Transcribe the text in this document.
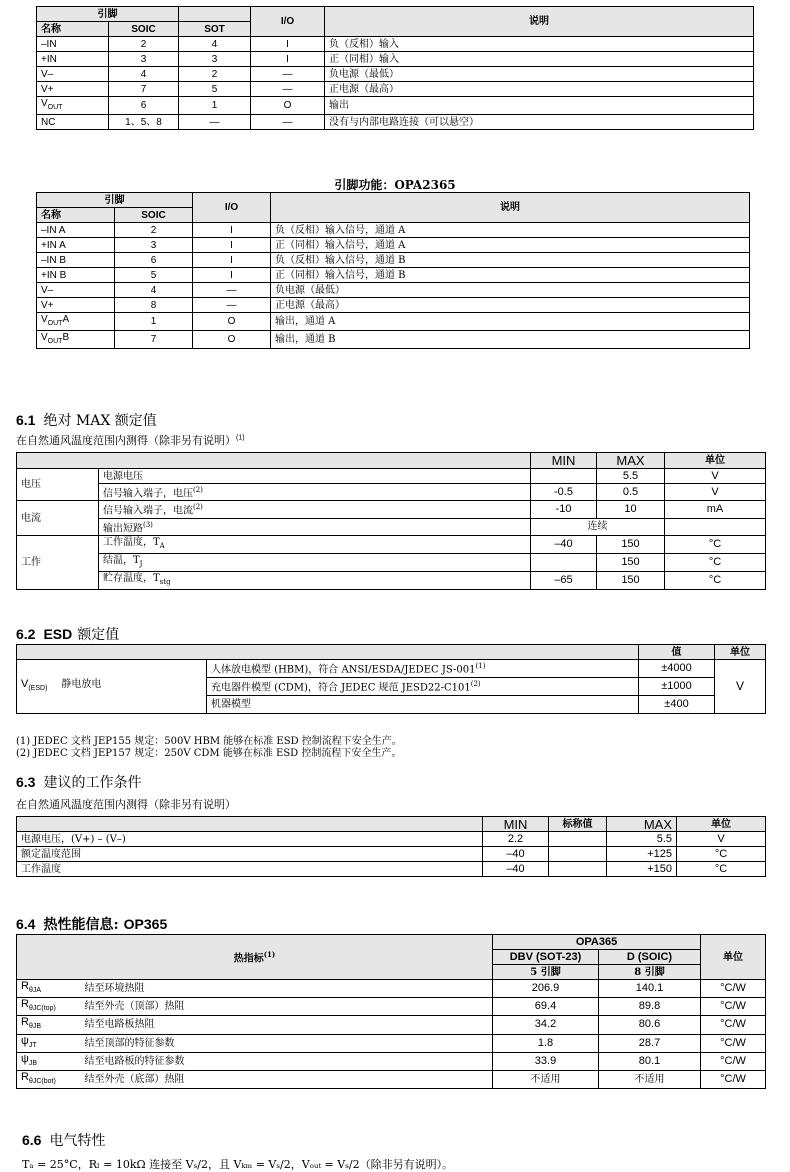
引脚			I/O	说明
名称	SOIC	SOT		
–IN	2	4	I	负（反相）输入
+IN	3	3	I	正（同相）输入
V–	4	2	—	负电源（最低）
V+	7	5	—	正电源（最高）
$V_{OUT}$	6	1	O	输出
NC	1、5、8	—	—	没有与内部电路连接（可以悬空）
引脚功能：OPA2365
引脚		I/O	说明
名称	SOIC		
–IN A	2	I	负（反相）输入信号，通道 A
+IN A	3	I	正（同相）输入信号，通道 A
–IN B	6	I	负（反相）输入信号，通道 B
+IN B	5	I	正（同相）输入信号，通道 B
V–	4	—	负电源（最低）
V+	8	—	正电源（最高）
$V_{OUT}A$	1	O	输出，通道 A
$V_{OUT}B$	7	O	输出，通道 B
6.1 绝对 MAX 额定值
在自然通风温度范围内测得（除非另有说明）$^{(1)}$
		MIN	MAX	单位
电压	电源电压		5.5	V
	信号输入端子，电压$^{(2)}$	-0.5	0.5	V
电流	信号输入端子，电流$^{(2)}$	-10	10	mA
	输出短路$^{(3)}$	连续		
工作	工作温度，$T_A$	–40	150	°C
	结温，$T_J$		150	°C
	贮存温度，$T_{stg}$	–65	150	°C
6.2 ESD 额定值
		值	单位
$V_{(ESD)}$ 静电放电	人体放电模型 (HBM)，符合 ANSI/ESDA/JEDEC $JS-001^{(1)}$	±4000	V
	充电器件模型 (CDM)，符合 JEDEC 规范 $JESD22-C101^{(2)}$	±1000	
	机器模型	±400	
(1) JEDEC 文档 JEP155 规定：500V HBM 能够在标准 ESD 控制流程下安全生产。
(2) JEDEC 文档 JEP157 规定：250V CDM 能够在标准 ESD 控制流程下安全生产。
6.3 建议的工作条件
在自然通风温度范围内测得（除非另有说明）
	MIN	标称值	MAX	单位
电源电压，(V+) – (V–)	2.2		5.5	V
额定温度范围	–40		+125	°C
工作温度	–40		+150	°C
6.4 热性能信息: OP365
热指标$^{(1)}$		OPA365		单位
		DBV (SOT-23)	D (SOIC)	
		5 引脚	8 引脚	
$R_{\theta JA}$	结至环境热阻	206.9	140.1	°C/W
$R_{\theta JC(top)}$	结至外壳（顶部）热阻	69.4	89.8	°C/W
$R_{\theta JB}$	结至电路板热阻	34.2	80.6	°C/W
$\psi_{JT}$	结至顶部的特征参数	1.8	28.7	°C/W
$\psi_{JB}$	结至电路板的特征参数	33.9	80.1	°C/W
$R_{\theta JC(bot)}$	结至外壳（底部）热阻	不适用	不适用	°C/W
6.6 电气特性
Tₐ = 25°C，Rₗ = 10kΩ 连接至 Vₛ/2，且 Vₖₘ = Vₛ/2，Vₒᵤₜ = Vₛ/2（除非另有说明）。
